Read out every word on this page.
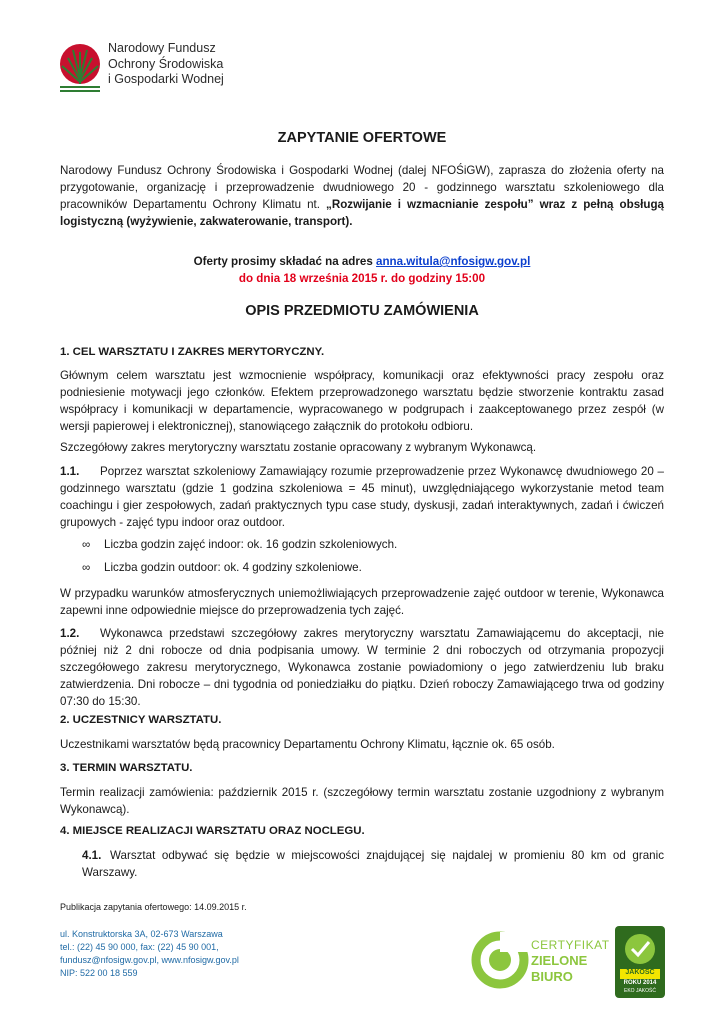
Narodowy Fundusz
Ochrony Środowiska
i Gospodarki Wodnej
ZAPYTANIE OFERTOWE
Narodowy Fundusz Ochrony Środowiska i Gospodarki Wodnej (dalej NFOŚiGW), zaprasza do złożenia oferty na przygotowanie, organizację i przeprowadzenie dwudniowego 20 - godzinnego warsztatu szkoleniowego dla pracowników Departamentu Ochrony Klimatu nt. „Rozwijanie i wzmacnianie zespołu” wraz z pełną obsługą logistyczną (wyżywienie, zakwaterowanie, transport).
Oferty prosimy składać na adres anna.witula@nfosigw.gov.pl
do dnia 18 września 2015 r. do godziny 15:00
OPIS PRZEDMIOTU ZAMÓWIENIA
1. CEL WARSZTATU I ZAKRES MERYTORYCZNY.
Głównym celem warsztatu jest wzmocnienie współpracy, komunikacji oraz efektywności pracy zespołu oraz podniesienie motywacji jego członków. Efektem przeprowadzonego warsztatu będzie stworzenie kontraktu zasad współpracy i komunikacji w departamencie, wypracowanego w podgrupach i zaakceptowanego przez zespół (w wersji papierowej i elektronicznej), stanowiącego załącznik do protokołu odbioru.
Szczegółowy zakres merytoryczny warsztatu zostanie opracowany z wybranym Wykonawcą.
1.1. Poprzez warsztat szkoleniowy Zamawiający rozumie przeprowadzenie przez Wykonawcę dwudniowego 20 – godzinnego warsztatu (gdzie 1 godzina szkoleniowa = 45 minut), uwzględniającego wykorzystanie metod team coachingu i gier zespołowych, zadań praktycznych typu case study, dyskusji, zadań interaktywnych, zadań i ćwiczeń grupowych - zajęć typu indoor oraz outdoor.
∞ Liczba godzin zajęć indoor: ok. 16 godzin szkoleniowych.
∞ Liczba godzin outdoor: ok. 4 godziny szkoleniowe.
W przypadku warunków atmosferycznych uniemożliwiających przeprowadzenie zajęć outdoor w terenie, Wykonawca zapewni inne odpowiednie miejsce do przeprowadzenia tych zajęć.
1.2. Wykonawca przedstawi szczegółowy zakres merytoryczny warsztatu Zamawiającemu do akceptacji, nie później niż 2 dni robocze od dnia podpisania umowy. W terminie 2 dni roboczych od otrzymania propozycji szczegółowego zakresu merytorycznego, Wykonawca zostanie powiadomiony o jego zatwierdzeniu lub braku zatwierdzenia. Dni robocze – dni tygodnia od poniedziałku do piątku. Dzień roboczy Zamawiającego trwa od godziny 07:30 do 15:30.
2. UCZESTNICY WARSZTATU.
Uczestnikami warsztatów będą pracownicy Departamentu Ochrony Klimatu, łącznie ok. 65 osób.
3. TERMIN WARSZTATU.
Termin realizacji zamówienia: październik 2015 r. (szczegółowy termin warsztatu zostanie uzgodniony z wybranym Wykonawcą).
4. MIEJSCE REALIZACJI WARSZTATU ORAZ NOCLEGU.
4.1. Warsztat odbywać się będzie w miejscowości znajdującej się najdalej w promieniu 80 km od granic Warszawy.
Publikacja zapytania ofertowego: 14.09.2015 r.
ul. Konstruktorska 3A, 02-673 Warszawa
tel.: (22) 45 90 000, fax: (22) 45 90 001,
fundusz@nfosigw.gov.pl, www.nfosigw.gov.pl
NIP: 522 00 18 559
CERTYFIKAT
ZIELONE
BIURO	JAKOŚĆ
ROKU 2014
EKO JAKOŚĆ
